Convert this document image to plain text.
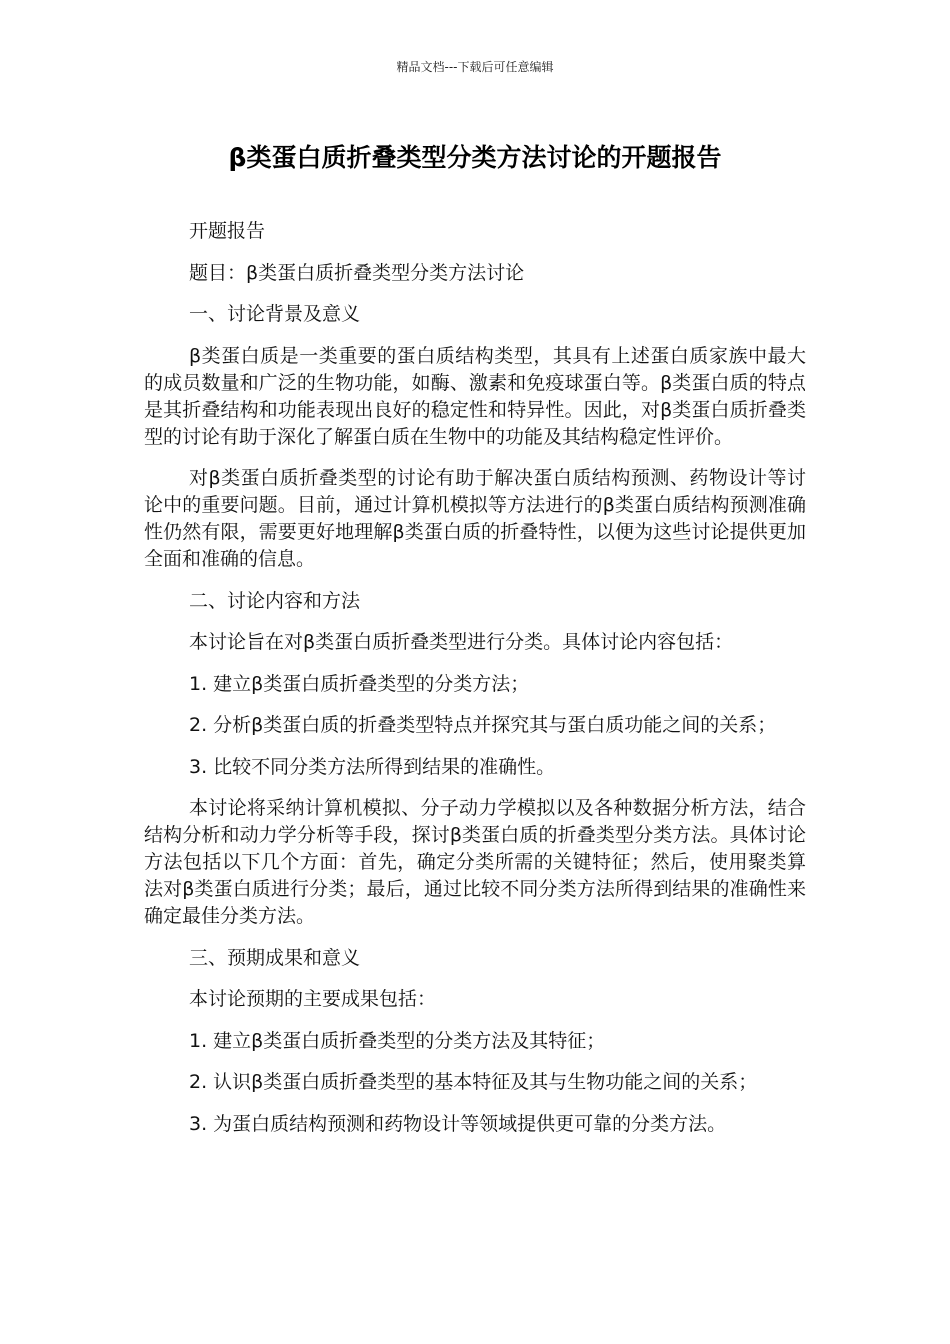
精品文档---下载后可任意编辑
β类蛋白质折叠类型分类方法讨论的开题报告

开题报告

题目：β类蛋白质折叠类型分类方法讨论

一、讨论背景及意义

β类蛋白质是一类重要的蛋白质结构类型，其具有上述蛋白质家族中最大的成员数量和广泛的生物功能，如酶、激素和免疫球蛋白等。β类蛋白质的特点是其折叠结构和功能表现出良好的稳定性和特异性。因此，对β类蛋白质折叠类型的讨论有助于深化了解蛋白质在生物中的功能及其结构稳定性评价。

对β类蛋白质折叠类型的讨论有助于解决蛋白质结构预测、药物设计等讨论中的重要问题。目前，通过计算机模拟等方法进行的β类蛋白质结构预测准确性仍然有限，需要更好地理解β类蛋白质的折叠特性，以便为这些讨论提供更加全面和准确的信息。

二、讨论内容和方法

本讨论旨在对β类蛋白质折叠类型进行分类。具体讨论内容包括：

1. 建立β类蛋白质折叠类型的分类方法；

2. 分析β类蛋白质的折叠类型特点并探究其与蛋白质功能之间的关系；

3. 比较不同分类方法所得到结果的准确性。

本讨论将采纳计算机模拟、分子动力学模拟以及各种数据分析方法，结合结构分析和动力学分析等手段，探讨β类蛋白质的折叠类型分类方法。具体讨论方法包括以下几个方面：首先，确定分类所需的关键特征；然后，使用聚类算法对β类蛋白质进行分类；最后，通过比较不同分类方法所得到结果的准确性来确定最佳分类方法。

三、预期成果和意义

本讨论预期的主要成果包括：

1. 建立β类蛋白质折叠类型的分类方法及其特征；

2. 认识β类蛋白质折叠类型的基本特征及其与生物功能之间的关系；

3. 为蛋白质结构预测和药物设计等领域提供更可靠的分类方法。
